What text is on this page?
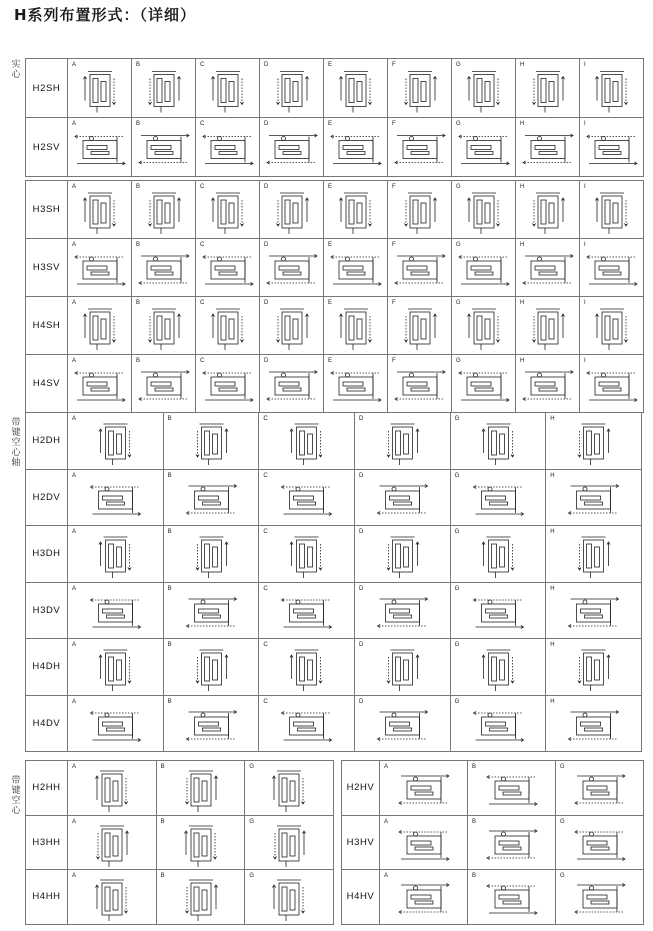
H系列布置形式：（详细）
实
心
H2SH	A	B	C	D	E	F	G	H	I

H2SV	A	B	C	D	E	F	G	H	I
H3SH	A	B	C	D	E	F	G	H	I

H3SV	A	B	C	D	E	F	G	H	I
H4SH	A	B	C	D	E	F	G	H	I

H4SV	A	B	C	D	E	F	G	H	I
带
键
空
心
轴
H2DH	A	B	C	D	G	H

H2DV	A	B	C	D	G	H

H3DH	A	B	C	D	G	H

H3DV	A	B	C	D	G	H

H4DH	A	B	C	D	G	H

H4DV	A	B	C	D	G	H
带
键
空
心
H2HH	A	B	G

H3HH	A	B	G

H4HH	A	B	G
H2HV	A	B	G

H3HV	A	B	G

H4HV	A	B	G
